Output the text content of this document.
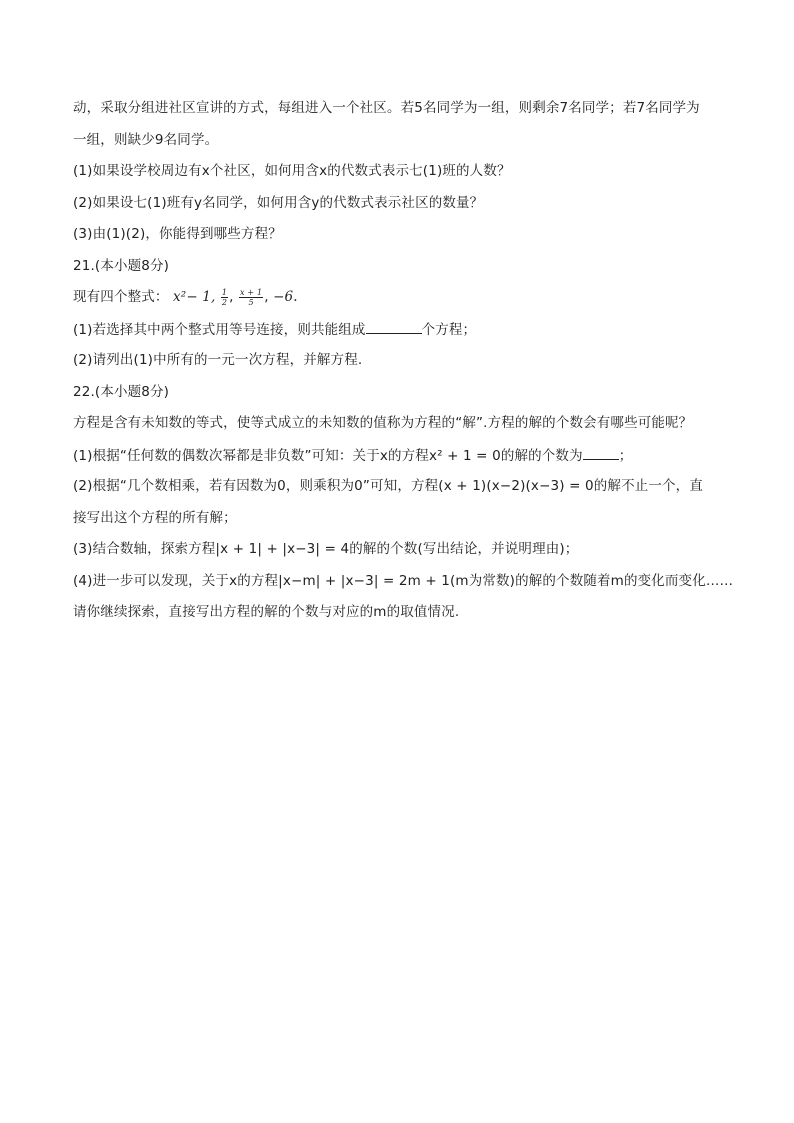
动，采取分组进社区宣讲的方式，每组进入一个社区。若5名同学为一组，则剩余7名同学；若7名同学为
一组，则缺少9名同学。
(1)如果设学校周边有x个社区，如何用含x的代数式表示七(1)班的人数？
(2)如果设七(1)班有y名同学，如何用含y的代数式表示社区的数量？
(3)由(1)(2)，你能得到哪些方程？
21.(本小题8分)
现有四个整式： x²− 1, $\frac{1}{2}$ , $\frac{x + 1}{5}$ , −6.
(1)若选择其中两个整式用等号连接，则共能组成	个方程；
(2)请列出(1)中所有的一元一次方程，并解方程.
22.(本小题8分)
方程是含有未知数的等式，使等式成立的未知数的值称为方程的“解”.方程的解的个数会有哪些可能呢？
(1)根据“任何数的偶数次幂都是非负数”可知：关于x的方程x² + 1 = 0的解的个数为	；
(2)根据“几个数相乘，若有因数为0，则乘积为0”可知，方程(x + 1)(x−2)(x−3) = 0的解不止一个，直
接写出这个方程的所有解；
(3)结合数轴，探索方程|x + 1| + |x−3| = 4的解的个数(写出结论，并说明理由)；
(4)进一步可以发现，关于x的方程|x−m| + |x−3| = 2m + 1(m为常数)的解的个数随着m的变化而变化……
请你继续探索，直接写出方程的解的个数与对应的m的取值情况.
